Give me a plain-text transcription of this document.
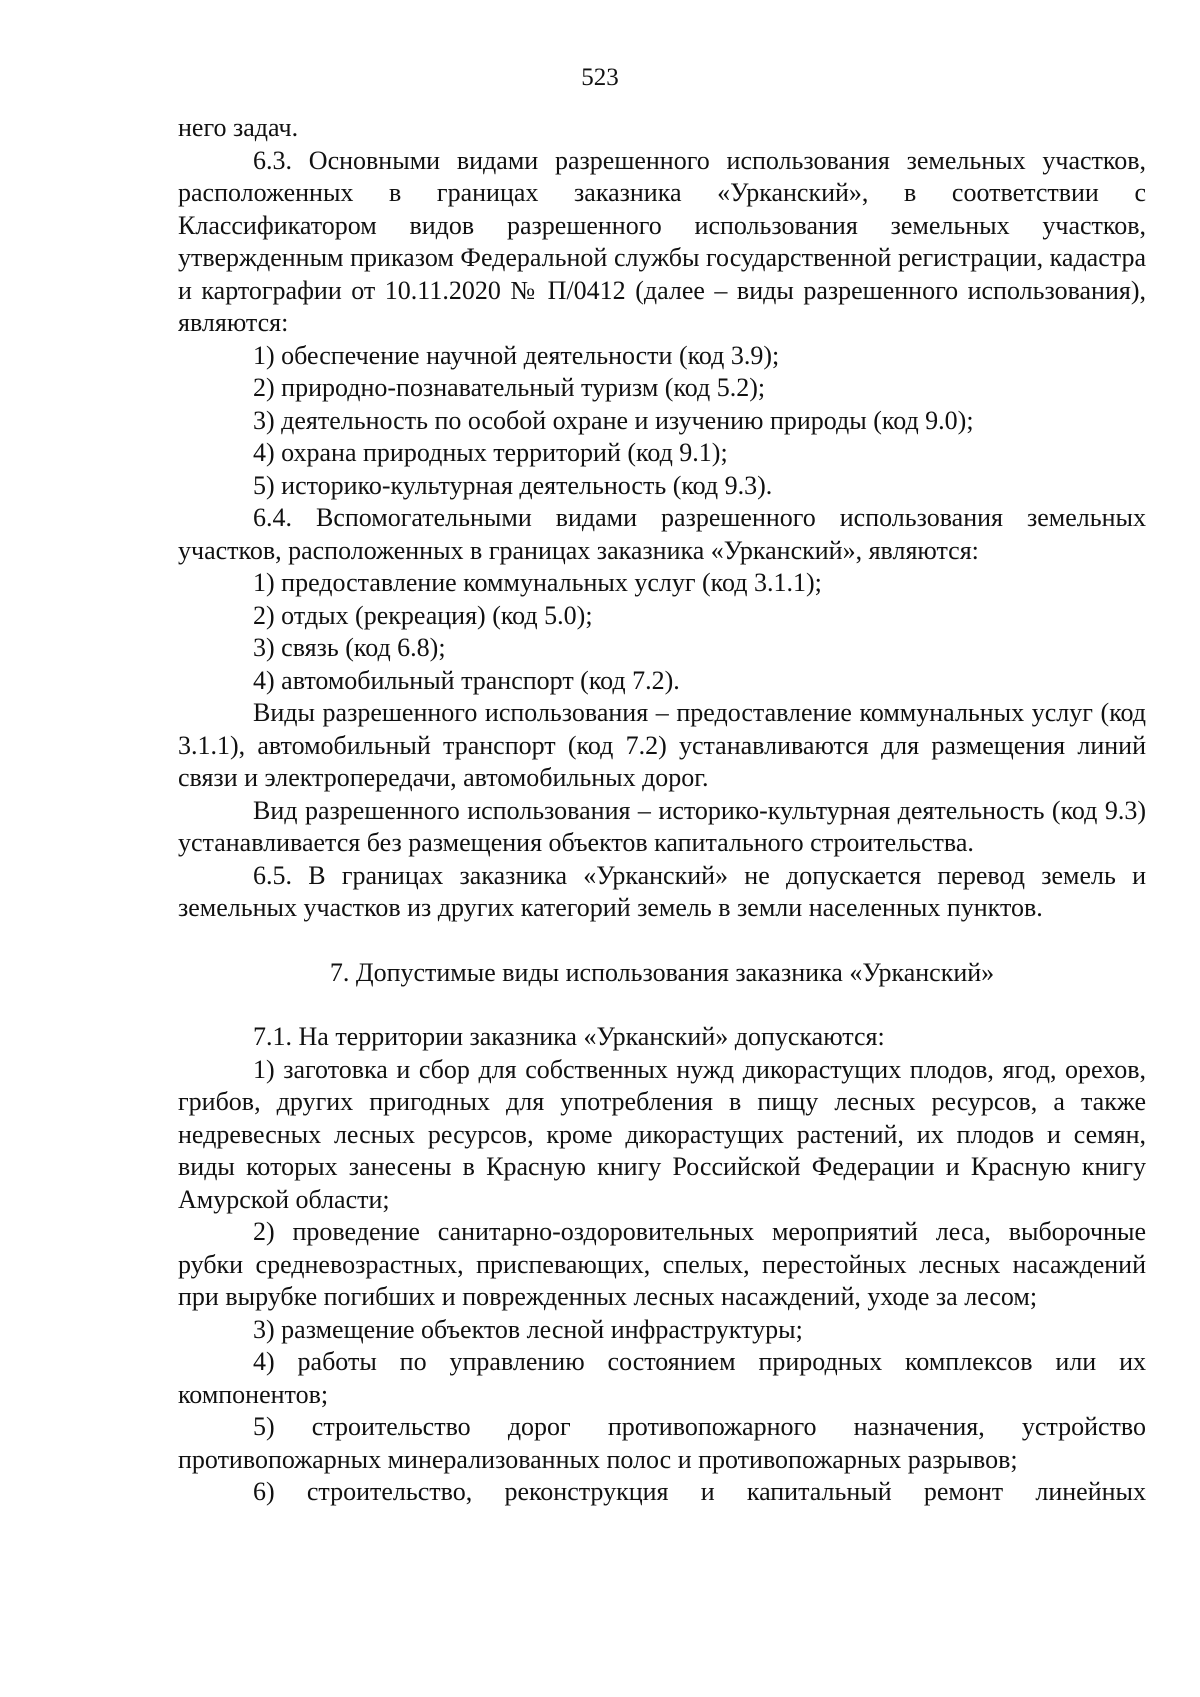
523

него задач.

6.3. Основными видами разрешенного использования земельных участков, расположенных в границах заказника «Урканский», в соответствии с Классификатором видов разрешенного использования земельных участков, утвержденным приказом Федеральной службы государственной регистрации, кадастра и картографии от 10.11.2020 № П/0412 (далее – виды разрешенного использования), являются:

1) обеспечение научной деятельности (код 3.9);

2) природно-познавательный туризм (код 5.2);

3) деятельность по особой охране и изучению природы (код 9.0);

4) охрана природных территорий (код 9.1);

5) историко-культурная деятельность (код 9.3).

6.4. Вспомогательными видами разрешенного использования земельных участков, расположенных в границах заказника «Урканский», являются:

1) предоставление коммунальных услуг (код 3.1.1);

2) отдых (рекреация) (код 5.0);

3) связь (код 6.8);

4) автомобильный транспорт (код 7.2).

Виды разрешенного использования – предоставление коммунальных услуг (код 3.1.1), автомобильный транспорт (код 7.2) устанавливаются для размещения линий связи и электропередачи, автомобильных дорог.

Вид разрешенного использования – историко-культурная деятельность (код 9.3) устанавливается без размещения объектов капитального строительства.

6.5. В границах заказника «Урканский» не допускается перевод земель и земельных участков из других категорий земель в земли населенных пунктов.

7. Допустимые виды использования заказника «Урканский»

7.1. На территории заказника «Урканский» допускаются:

1) заготовка и сбор для собственных нужд дикорастущих плодов, ягод, орехов, грибов, других пригодных для употребления в пищу лесных ресурсов, а также недревесных лесных ресурсов, кроме дикорастущих растений, их плодов и семян, виды которых занесены в Красную книгу Российской Федерации и Красную книгу Амурской области;

2) проведение санитарно-оздоровительных мероприятий леса, выборочные рубки средневозрастных, приспевающих, спелых, перестойных лесных насаждений при вырубке погибших и поврежденных лесных насаждений, уходе за лесом;

3) размещение объектов лесной инфраструктуры;

4) работы по управлению состоянием природных комплексов или их компонентов;

5) строительство дорог противопожарного назначения, устройство противопожарных минерализованных полос и противопожарных разрывов;

6) строительство, реконструкция и капитальный ремонт линейных
